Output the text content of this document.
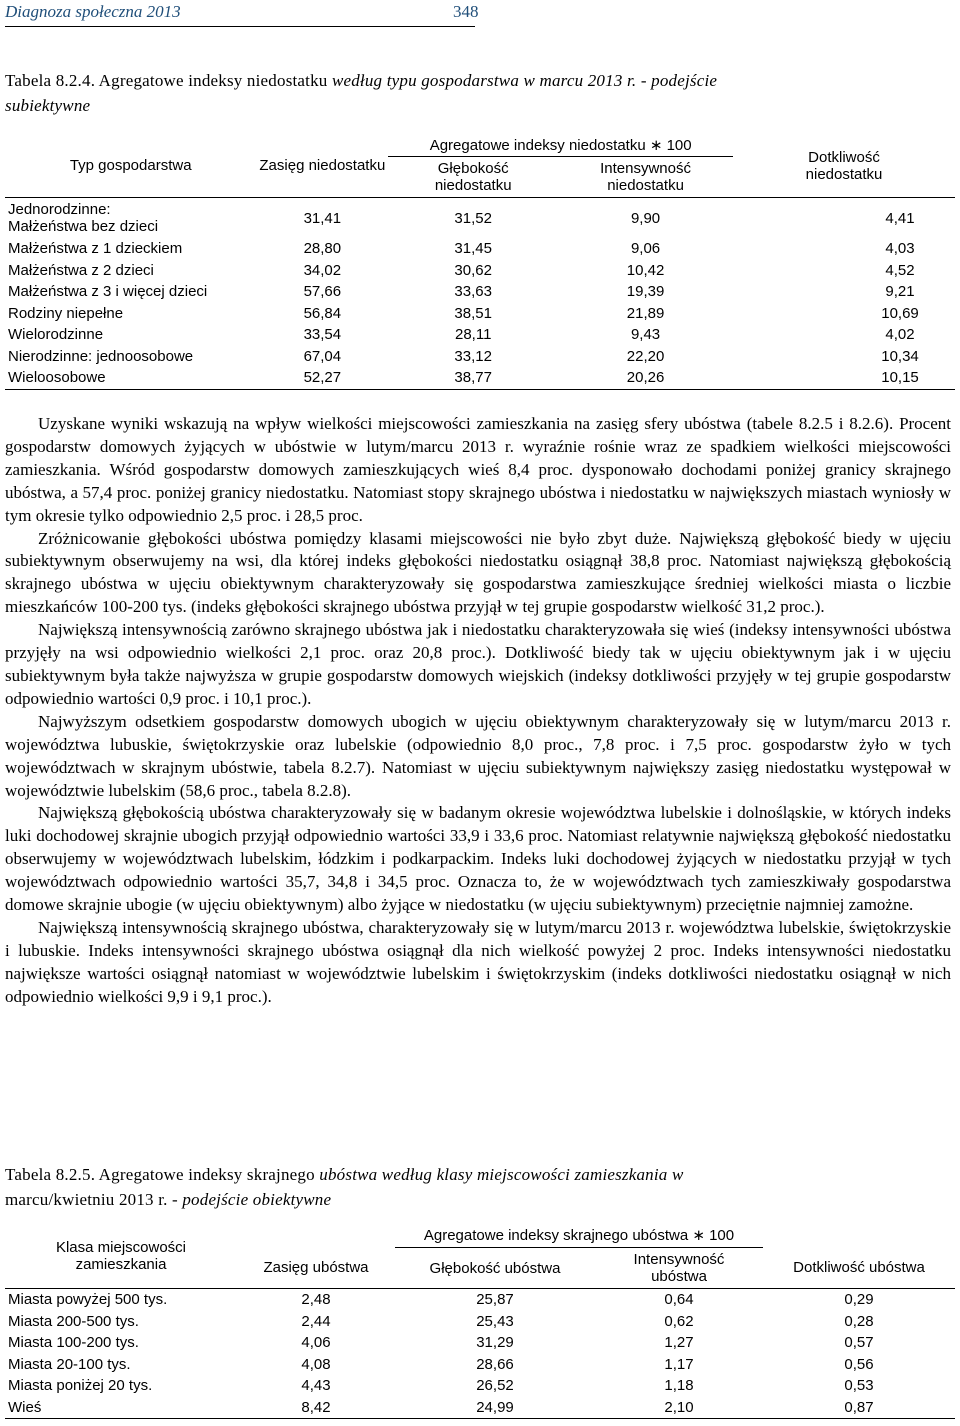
Diagnoza społeczna 2013	348
Tabela 8.2.4. Agregatowe indeksy niedostatku według typu gospodarstwa w marcu 2013 r. - podejście
subiektywne
Typ gospodarstwa	Zasięg niedostatku	Agregatowe indeksy niedostatku ∗ 100		Dotkliwość niedostatku
		Głębokość niedostatku	Intensywność niedostatku	
Jednorodzinne:
Małżeństwa bez dzieci	31,41	31,52	9,90	4,41
Małżeństwa z 1 dzieckiem	28,80	31,45	9,06	4,03
Małżeństwa z 2 dzieci	34,02	30,62	10,42	4,52
Małżeństwa z 3 i więcej dzieci	57,66	33,63	19,39	9,21
Rodziny niepełne	56,84	38,51	21,89	10,69
Wielorodzinne	33,54	28,11	9,43	4,02
Nierodzinne: jednoosobowe	67,04	33,12	22,20	10,34
Wieloosobowe	52,27	38,77	20,26	10,15

Uzyskane wyniki wskazują na wpływ wielkości miejscowości zamieszkania na zasięg sfery ubóstwa (tabele 8.2.5 i 8.2.6). Procent gospodarstw domowych żyjących w ubóstwie w lutym/marcu 2013 r. wyraźnie rośnie wraz ze spadkiem wielkości miejscowości zamieszkania. Wśród gospodarstw domowych zamieszkujących wieś 8,4 proc. dysponowało dochodami poniżej granicy skrajnego ubóstwa, a 57,4 proc. poniżej granicy niedostatku. Natomiast stopy skrajnego ubóstwa i niedostatku w największych miastach wyniosły w tym okresie tylko odpowiednio 2,5 proc. i 28,5 proc.

Zróżnicowanie głębokości ubóstwa pomiędzy klasami miejscowości nie było zbyt duże. Największą głębokość biedy w ujęciu subiektywnym obserwujemy na wsi, dla której indeks głębokości niedostatku osiągnął 38,8 proc. Natomiast największą głębokością skrajnego ubóstwa w ujęciu obiektywnym charakteryzowały się gospodarstwa zamieszkujące średniej wielkości miasta o liczbie mieszkańców 100-200 tys. (indeks głębokości skrajnego ubóstwa przyjął w tej grupie gospodarstw wielkość 31,2 proc.).

Największą intensywnością zarówno skrajnego ubóstwa jak i niedostatku charakteryzowała się wieś (indeksy intensywności ubóstwa przyjęły na wsi odpowiednio wielkości 2,1 proc. oraz 20,8 proc.). Dotkliwość biedy tak w ujęciu obiektywnym jak i w ujęciu subiektywnym była także najwyższa w grupie gospodarstw domowych wiejskich (indeksy dotkliwości przyjęły w tej grupie gospodarstw odpowiednio wartości 0,9 proc. i 10,1 proc.).

Najwyższym odsetkiem gospodarstw domowych ubogich w ujęciu obiektywnym charakteryzowały się w lutym/marcu 2013 r. województwa lubuskie, świętokrzyskie oraz lubelskie (odpowiednio 8,0 proc., 7,8 proc. i 7,5 proc. gospodarstw żyło w tych województwach w skrajnym ubóstwie, tabela 8.2.7). Natomiast w ujęciu subiektywnym największy zasięg niedostatku występował w województwie lubelskim (58,6 proc., tabela 8.2.8).

Największą głębokością ubóstwa charakteryzowały się w badanym okresie województwa lubelskie i dolnośląskie, w których indeks luki dochodowej skrajnie ubogich przyjął odpowiednio wartości 33,9 i 33,6 proc. Natomiast relatywnie największą głębokość niedostatku obserwujemy w województwach lubelskim, łódzkim i podkarpackim. Indeks luki dochodowej żyjących w niedostatku przyjął w tych województwach odpowiednio wartości 35,7, 34,8 i 34,5 proc. Oznacza to, że w województwach tych zamieszkiwały gospodarstwa domowe skrajnie ubogie (w ujęciu obiektywnym) albo żyjące w niedostatku (w ujęciu subiektywnym) przeciętnie najmniej zamożne.

Największą intensywnością skrajnego ubóstwa, charakteryzowały się w lutym/marcu 2013 r. województwa lubelskie, świętokrzyskie i lubuskie. Indeks intensywności skrajnego ubóstwa osiągnął dla nich wielkość powyżej 2 proc. Indeks intensywności niedostatku największe wartości osiągnął natomiast w województwie lubelskim i świętokrzyskim (indeks dotkliwości niedostatku osiągnął w nich odpowiednio wielkości 9,9 i 9,1 proc.).

Tabela 8.2.5. Agregatowe indeksy skrajnego ubóstwa według klasy miejscowości zamieszkania w
marcu/kwietniu 2013 r. - podejście obiektywne
Klasa miejscowości zamieszkania	Zasięg ubóstwa	Agregatowe indeksy skrajnego ubóstwa ∗ 100		Dotkliwość ubóstwa
		Głębokość ubóstwa	Intensywność ubóstwa	
Miasta powyżej 500 tys.	2,48	25,87	0,64	0,29
Miasta 200-500 tys.	2,44	25,43	0,62	0,28
Miasta 100-200 tys.	4,06	31,29	1,27	0,57
Miasta 20-100 tys.	4,08	28,66	1,17	0,56
Miasta poniżej 20 tys.	4,43	26,52	1,18	0,53
Wieś	8,42	24,99	2,10	0,87
